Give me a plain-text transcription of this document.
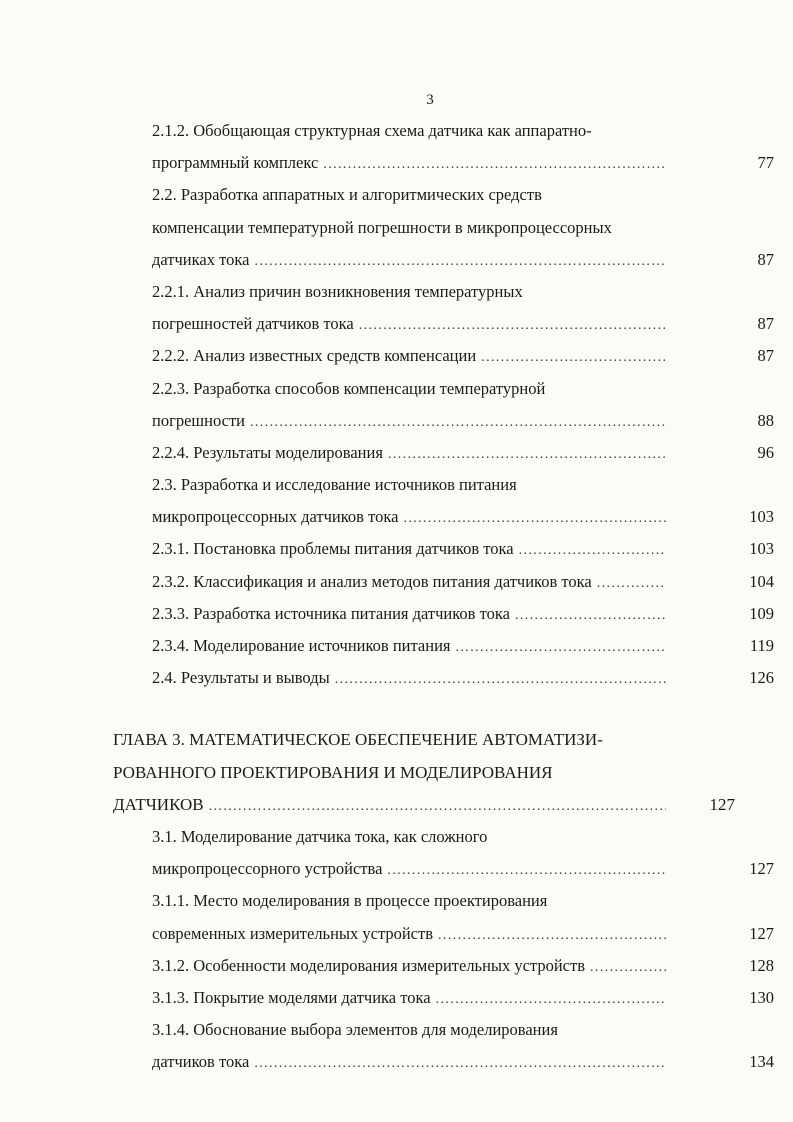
3
2.1.2. Обобщающая структурная схема датчика как аппаратно-
программный комплекс .....	77
2.2. Разработка аппаратных и алгоритмических средств
компенсации температурной погрешности в микропроцессорных
датчиках тока .....	87
2.2.1. Анализ причин возникновения температурных
погрешностей датчиков тока .....	87
2.2.2. Анализ известных средств компенсации .....	87
2.2.3. Разработка способов компенсации температурной
погрешности .....	88
2.2.4. Результаты моделирования .....	96
2.3. Разработка и исследование источников питания
микропроцессорных датчиков тока .....	103
2.3.1. Постановка проблемы питания датчиков тока .....	103
2.3.2. Классификация и анализ методов питания датчиков тока .....	104
2.3.3. Разработка источника питания датчиков тока .....	109
2.3.4. Моделирование источников питания .....	119
2.4. Результаты и выводы .....	126
ГЛАВА 3. МАТЕМАТИЧЕСКОЕ ОБЕСПЕЧЕНИЕ АВТОМАТИЗИ-
РОВАННОГО ПРОЕКТИРОВАНИЯ И МОДЕЛИРОВАНИЯ
ДАТЧИКОВ .....	127
3.1. Моделирование датчика тока, как сложного
микропроцессорного устройства .....	127
3.1.1. Место моделирования в процессе проектирования
современных измерительных устройств .....	127
3.1.2. Особенности моделирования измерительных устройств .....	128
3.1.3. Покрытие моделями датчика тока .....	130
3.1.4. Обоснование выбора элементов для моделирования
датчиков тока .....	134
